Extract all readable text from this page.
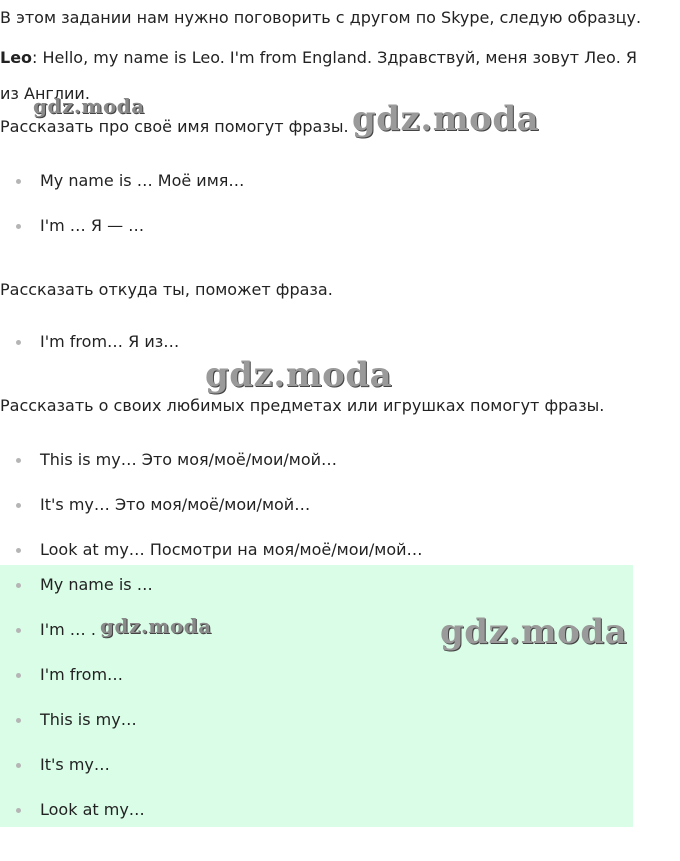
В этом задании нам нужно поговорить с другом по Skype, следую образцу.

Leo: Hello, my name is Leo. I'm from England. Здравствуй, меня зовут Лео. Я из Англии.

Рассказать про своё имя помогут фразы.

My name is … Моё имя…
I'm … Я — …

Рассказать откуда ты, поможет фраза.

I'm from… Я из…

Рассказать о своих любимых предметах или игрушках помогут фразы.

This is my… Это моя/моё/мои/мой…
It's my… Это моя/моё/мои/мой…
Look at my… Посмотри на моя/моё/мои/мой…
My name is …
I'm … .
I'm from…
This is my…
It's my…
Look at my…
gdz.moda	gdz.moda
gdz.moda
gdz.moda	gdz.moda
